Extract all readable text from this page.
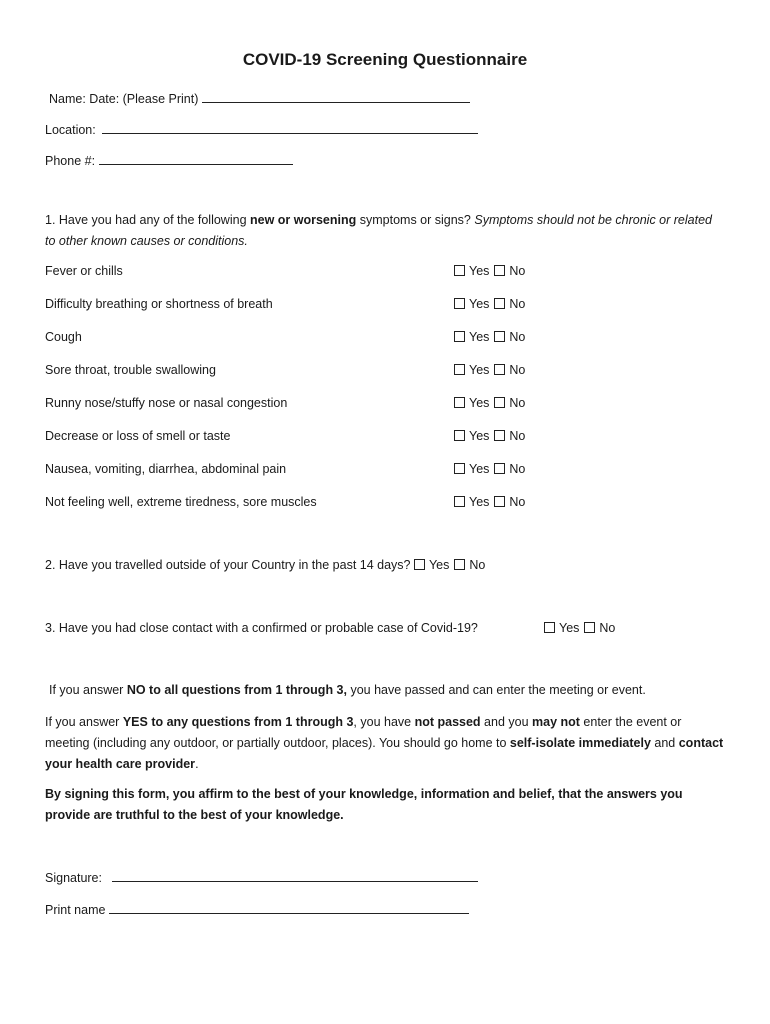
COVID-19 Screening Questionnaire
Name: Date: (Please Print)
Location:
Phone #:
1. Have you had any of the following new or worsening symptoms or signs? Symptoms should not be chronic or related to other known causes or conditions.
Fever or chills	Yes No
Difficulty breathing or shortness of breath	Yes No
Cough	Yes No
Sore throat, trouble swallowing	Yes No
Runny nose/stuffy nose or nasal congestion	Yes No
Decrease or loss of smell or taste	Yes No
Nausea, vomiting, diarrhea, abdominal pain	Yes No
Not feeling well, extreme tiredness, sore muscles	Yes No
2. Have you travelled outside of your Country in the past 14 days? Yes No
3. Have you had close contact with a confirmed or probable case of Covid-19?	Yes No
If you answer NO to all questions from 1 through 3, you have passed and can enter the meeting or event.
If you answer YES to any questions from 1 through 3, you have not passed and you may not enter the event or meeting (including any outdoor, or partially outdoor, places). You should go home to self-isolate immediately and contact your health care provider.
By signing this form, you affirm to the best of your knowledge, information and belief, that the answers you provide are truthful to the best of your knowledge.
Signature:
Print name
